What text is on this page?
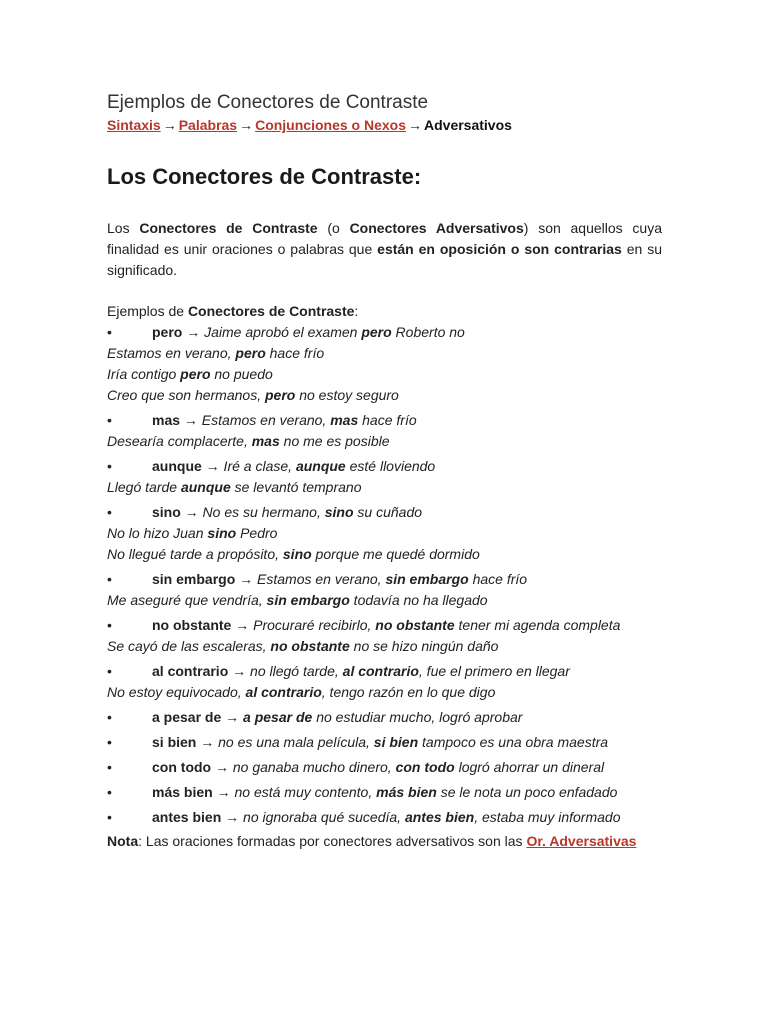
Ejemplos de Conectores de Contraste

Sintaxis → Palabras → Conjunciones o Nexos → Adversativos

Los Conectores de Contraste:

Los Conectores de Contraste (o Conectores Adversativos) son aquellos cuya finalidad es unir oraciones o palabras que están en oposición o son contrarias en su significado.

Ejemplos de Conectores de Contraste:

•	pero → Jaime aprobó el examen pero Roberto no
Estamos en verano, pero hace frío
Iría contigo pero no puedo
Creo que son hermanos, pero no estoy seguro
•	mas → Estamos en verano, mas hace frío
Desearía complacerte, mas no me es posible
•	aunque → Iré a clase, aunque esté lloviendo
Llegó tarde aunque se levantó temprano
•	sino → No es su hermano, sino su cuñado
No lo hizo Juan sino Pedro
No llegué tarde a propósito, sino porque me quedé dormido
•	sin embargo → Estamos en verano, sin embargo hace frío
Me aseguré que vendría, sin embargo todavía no ha llegado
•	no obstante → Procuraré recibirlo, no obstante tener mi agenda completa
Se cayó de las escaleras, no obstante no se hizo ningún daño
•	al contrario → no llegó tarde, al contrario, fue el primero en llegar
No estoy equivocado, al contrario, tengo razón en lo que digo
•	a pesar de → a pesar de no estudiar mucho, logró aprobar
•	si bien → no es una mala película, si bien tampoco es una obra maestra
•	con todo → no ganaba mucho dinero, con todo logró ahorrar un dineral
•	más bien → no está muy contento, más bien se le nota un poco enfadado
•	antes bien → no ignoraba qué sucedía, antes bien, estaba muy informado

Nota: Las oraciones formadas por conectores adversativos son las Or. Adversativas
